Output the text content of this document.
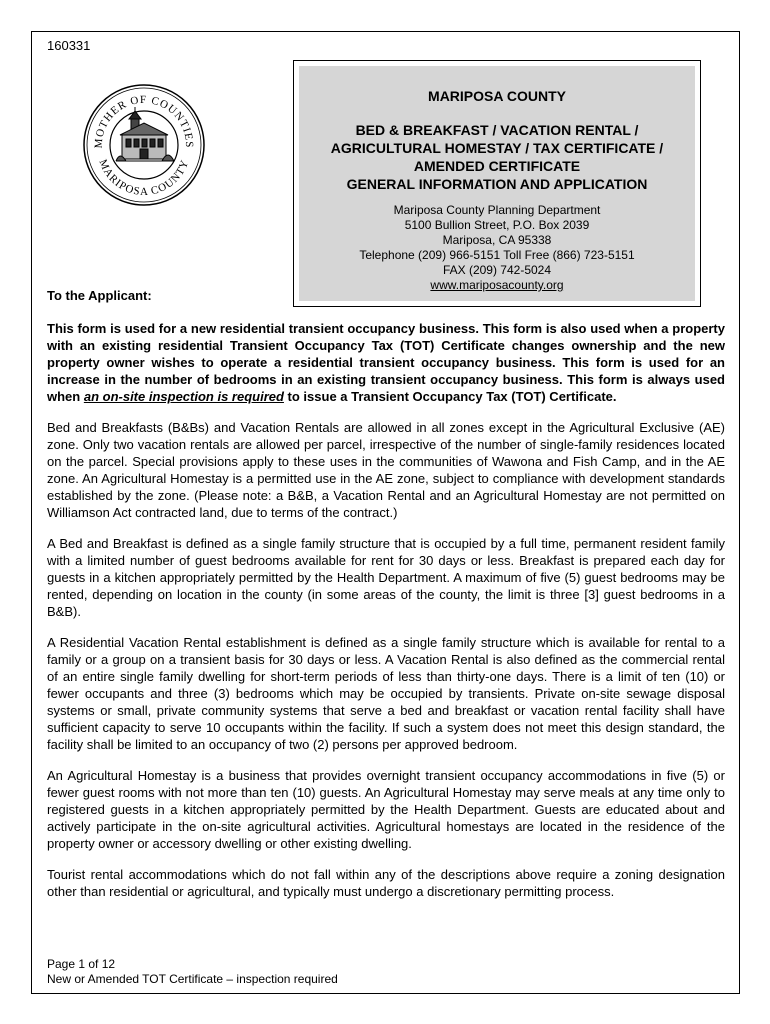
160331
MOTHER OF COUNTIES
MARIPOSA COUNTY
MARIPOSA COUNTY
BED & BREAKFAST / VACATION RENTAL /
AGRICULTURAL HOMESTAY / TAX CERTIFICATE /
AMENDED CERTIFICATE
GENERAL INFORMATION AND APPLICATION
Mariposa County Planning Department
5100 Bullion Street, P.O. Box 2039
Mariposa, CA 95338
Telephone (209) 966-5151 Toll Free (866) 723-5151
FAX (209) 742-5024
www.mariposacounty.org
To the Applicant:

This form is used for a new residential transient occupancy business. This form is also used when a property with an existing residential Transient Occupancy Tax (TOT) Certificate changes ownership and the new property owner wishes to operate a residential transient occupancy business. This form is used for an increase in the number of bedrooms in an existing transient occupancy business. This form is always used when an on-site inspection is required to issue a Transient Occupancy Tax (TOT) Certificate.

Bed and Breakfasts (B&Bs) and Vacation Rentals are allowed in all zones except in the Agricultural Exclusive (AE) zone. Only two vacation rentals are allowed per parcel, irrespective of the number of single-family residences located on the parcel. Special provisions apply to these uses in the communities of Wawona and Fish Camp, and in the AE zone. An Agricultural Homestay is a permitted use in the AE zone, subject to compliance with development standards established by the zone. (Please note: a B&B, a Vacation Rental and an Agricultural Homestay are not permitted on Williamson Act contracted land, due to terms of the contract.)

A Bed and Breakfast is defined as a single family structure that is occupied by a full time, permanent resident family with a limited number of guest bedrooms available for rent for 30 days or less. Breakfast is prepared each day for guests in a kitchen appropriately permitted by the Health Department. A maximum of five (5) guest bedrooms may be rented, depending on location in the county (in some areas of the county, the limit is three [3] guest bedrooms in a B&B).

A Residential Vacation Rental establishment is defined as a single family structure which is available for rental to a family or a group on a transient basis for 30 days or less. A Vacation Rental is also defined as the commercial rental of an entire single family dwelling for short-term periods of less than thirty-one days. There is a limit of ten (10) or fewer occupants and three (3) bedrooms which may be occupied by transients. Private on-site sewage disposal systems or small, private community systems that serve a bed and breakfast or vacation rental facility shall have sufficient capacity to serve 10 occupants within the facility. If such a system does not meet this design standard, the facility shall be limited to an occupancy of two (2) persons per approved bedroom.

An Agricultural Homestay is a business that provides overnight transient occupancy accommodations in five (5) or fewer guest rooms with not more than ten (10) guests. An Agricultural Homestay may serve meals at any time only to registered guests in a kitchen appropriately permitted by the Health Department. Guests are educated about and actively participate in the on-site agricultural activities. Agricultural homestays are located in the residence of the property owner or accessory dwelling or other existing dwelling.

Tourist rental accommodations which do not fall within any of the descriptions above require a zoning designation other than residential or agricultural, and typically must undergo a discretionary permitting process.

Page 1 of 12
New or Amended TOT Certificate – inspection required
